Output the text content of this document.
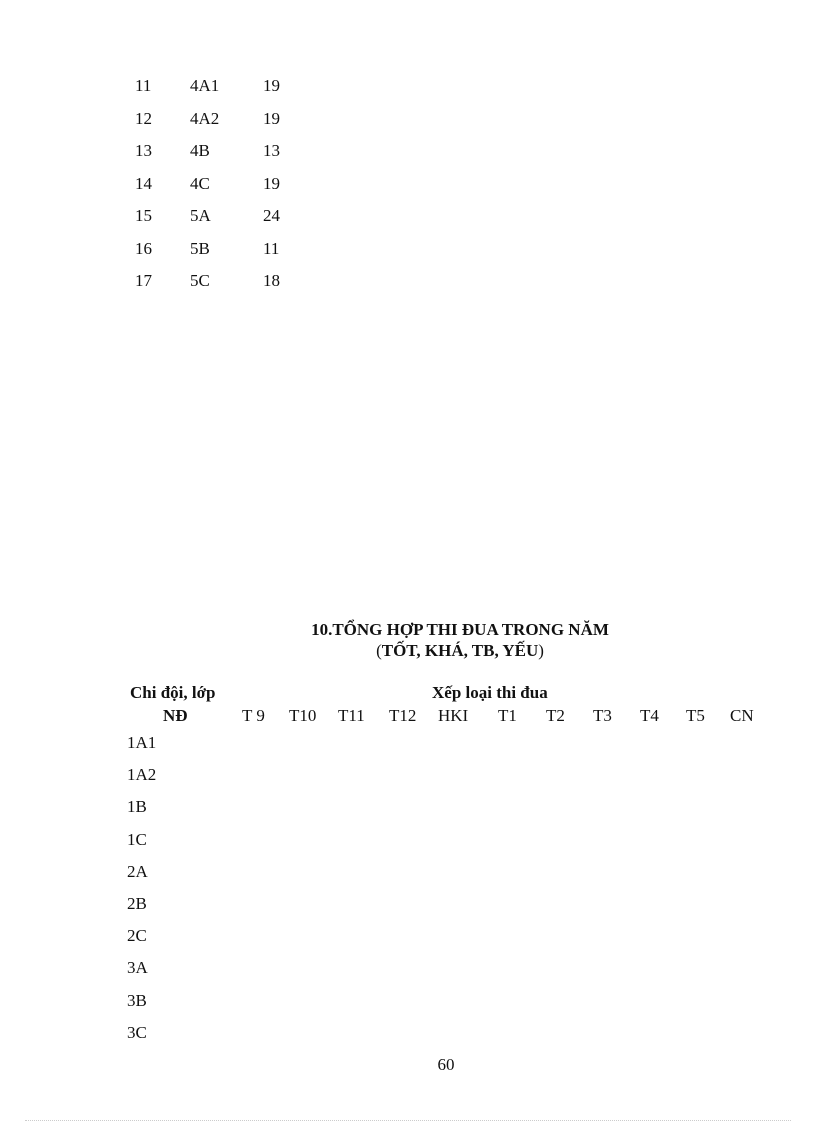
11	4A1	19
12	4A2	19
13	4B	13
14	4C	19
15	5A	24
16	5B	11
17	5C	18
10.TỔNG HỢP THI ĐUA TRONG NĂM
(TỐT, KHÁ, TB, YẾU)
Chi đội, lớp	Xếp loại thi đua
NĐ	T 9 T10 T11 T12 HKI T1 T2 T3 T4 T5 CN
1A1
1A2
1B
1C
2A
2B
2C
3A
3B
3C
60
